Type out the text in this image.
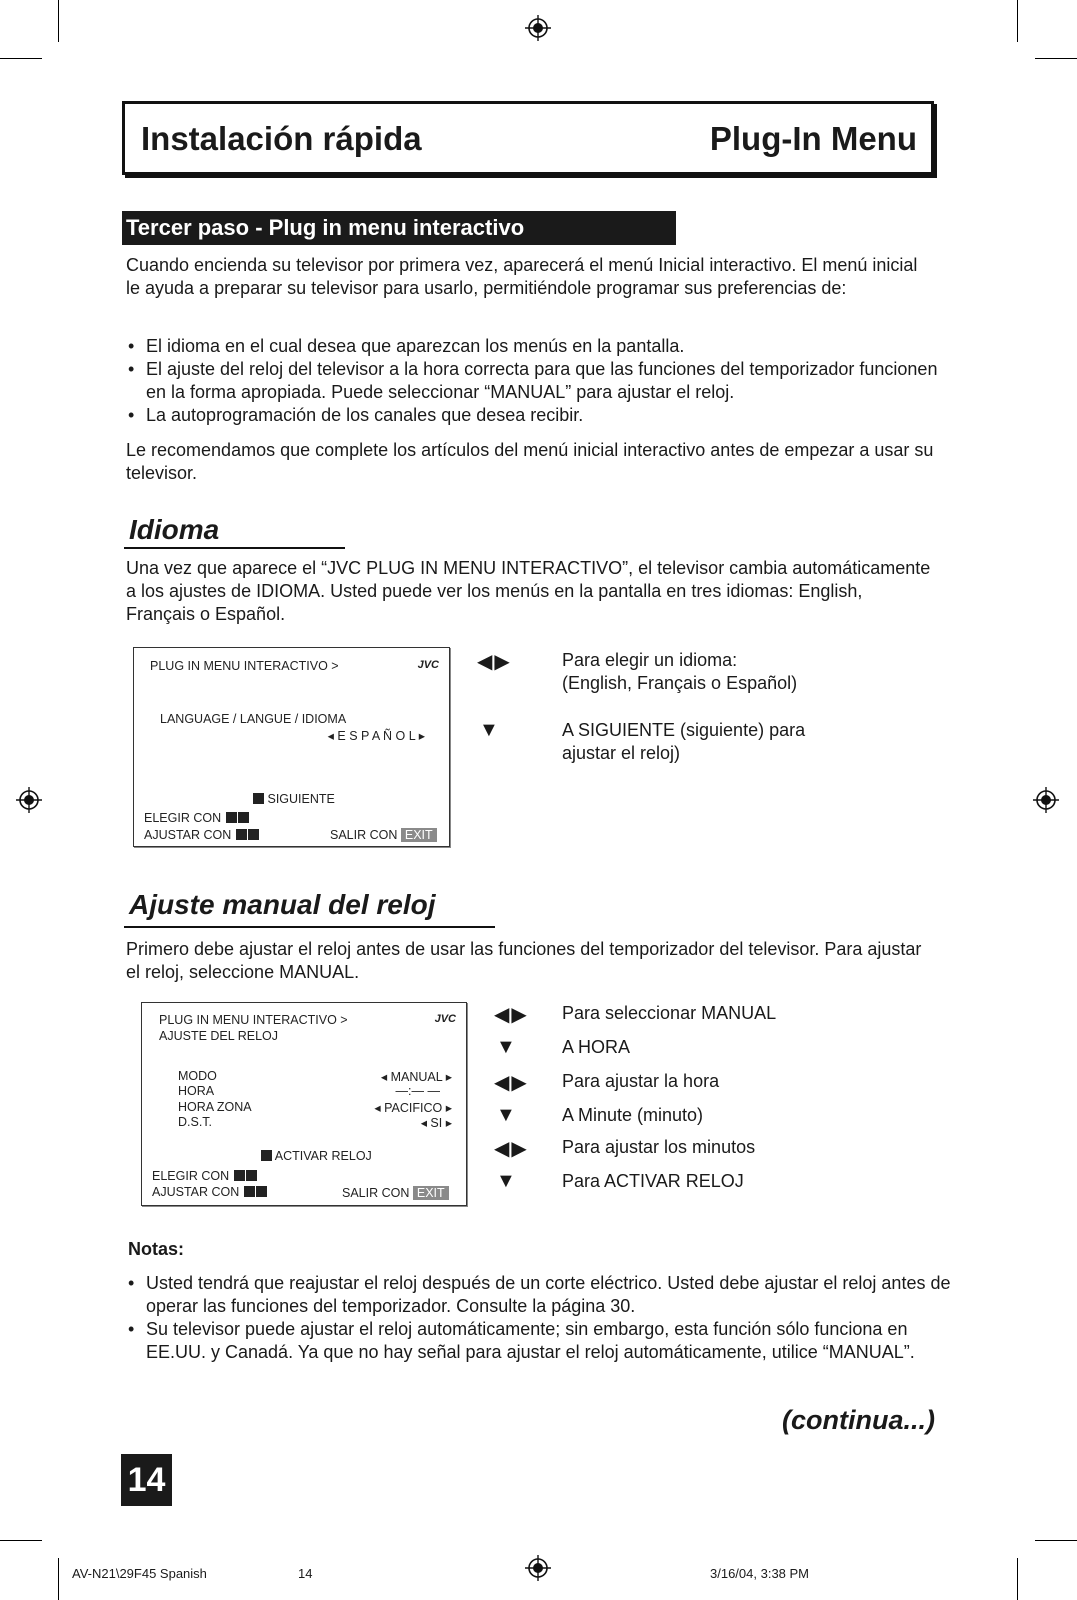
Instalación rápida	Plug-In Menu
Tercer paso - Plug in menu interactivo

Cuando encienda su televisor por primera vez, aparecerá el menú Inicial interactivo. El menú inicial le ayuda a preparar su televisor para usarlo, permitiéndole programar sus preferencias de:

• El idioma en el cual desea que aparezcan los menús en la pantalla.
• El ajuste del reloj del televisor a la hora correcta para que las funciones del temporizador funcionen en la forma apropiada. Puede seleccionar “MANUAL” para ajustar el reloj.
• La autoprogramación de los canales que desea recibir.

Le recomendamos que complete los artículos del menú inicial interactivo antes de empezar a usar su televisor.

Idioma

Una vez que aparece el “JVC PLUG IN MENU INTERACTIVO”, el televisor cambia automáticamente a los ajustes de IDIOMA. Usted puede ver los menús en la pantalla en tres idiomas: English, Français o Español.

PLUG IN MENU INTERACTIVO >	JVC
LANGUAGE / LANGUE / IDIOMA
◂ E S P A Ñ O L ▸
SIGUIENTE
ELEGIR CON
AJUSTAR CON	SALIR CON EXIT
◀▶	Para elegir un idioma:
(English, Français o Español)
▼	A SIGUIENTE (siguiente) para
ajustar el reloj)
Ajuste manual del reloj

Primero debe ajustar el reloj antes de usar las funciones del temporizador del televisor. Para ajustar el reloj, seleccione MANUAL.

PLUG IN MENU INTERACTIVO >	JVC
AJUSTE DEL RELOJ
MODO	◂ MANUAL ▸
HORA	—:— —
HORA ZONA	◂ PACIFICO ▸
D.S.T.	◂ SI ▸
ACTIVAR RELOJ
ELEGIR CON
AJUSTAR CON	SALIR CON EXIT
◀▶ Para seleccionar MANUAL
▼ A HORA
◀▶ Para ajustar la hora
▼ A Minute (minuto)
◀▶ Para ajustar los minutos
▼ Para ACTIVAR RELOJ
Notas:
• Usted tendrá que reajustar el reloj después de un corte eléctrico. Usted debe ajustar el reloj antes de operar las funciones del temporizador. Consulte la página 30.
• Su televisor puede ajustar el reloj automáticamente; sin embargo, esta función sólo funciona en EE.UU. y Canadá. Ya que no hay señal para ajustar el reloj automáticamente, utilice “MANUAL”.
(continua...)
14
AV-N21\29F45 Spanish	14	3/16/04, 3:38 PM
